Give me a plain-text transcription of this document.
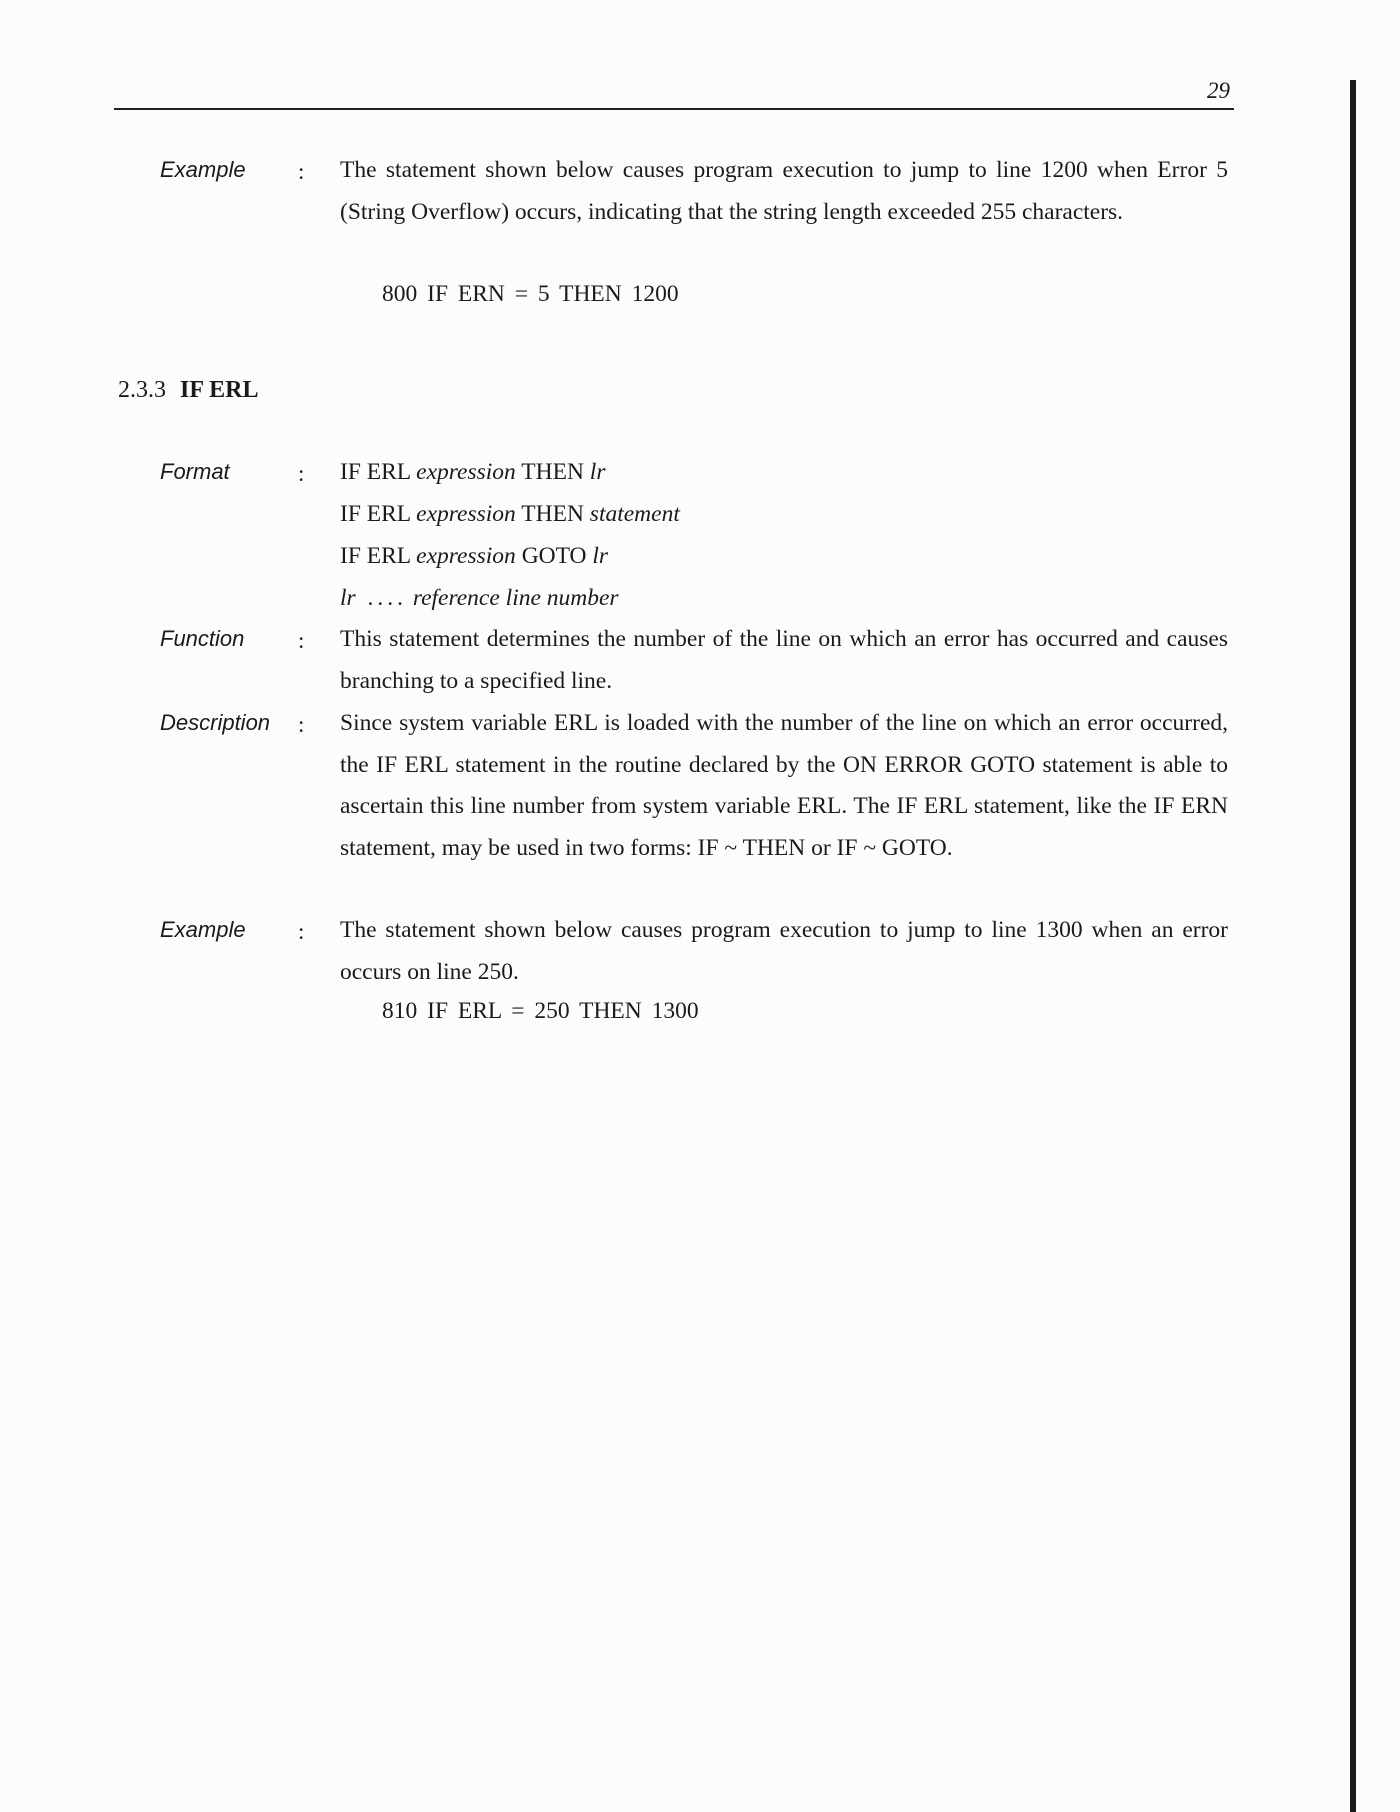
29
Example : The statement shown below causes program execution to jump to line 1200 when Error 5 (String Overflow) occurs, indicating that the string length exceeded 255 characters.
800 IF ERN = 5 THEN 1200
2.3.3 IF ERL
Format	: IF ERL expression THEN lr
IF ERL expression THEN statement
IF ERL expression GOTO lr
lr .... reference line number
Function : This statement determines the number of the line on which an error has occurred and causes branching to a specified line.
Description : Since system variable ERL is loaded with the number of the line on which an error occurred, the IF ERL statement in the routine declared by the ON ERROR GOTO statement is able to ascertain this line number from system variable ERL. The IF ERL statement, like the IF ERN statement, may be used in two forms: IF ~ THEN or IF ~ GOTO.
Example : The statement shown below causes program execution to jump to line 1300 when an error occurs on line 250.
810 IF ERL = 250 THEN 1300
